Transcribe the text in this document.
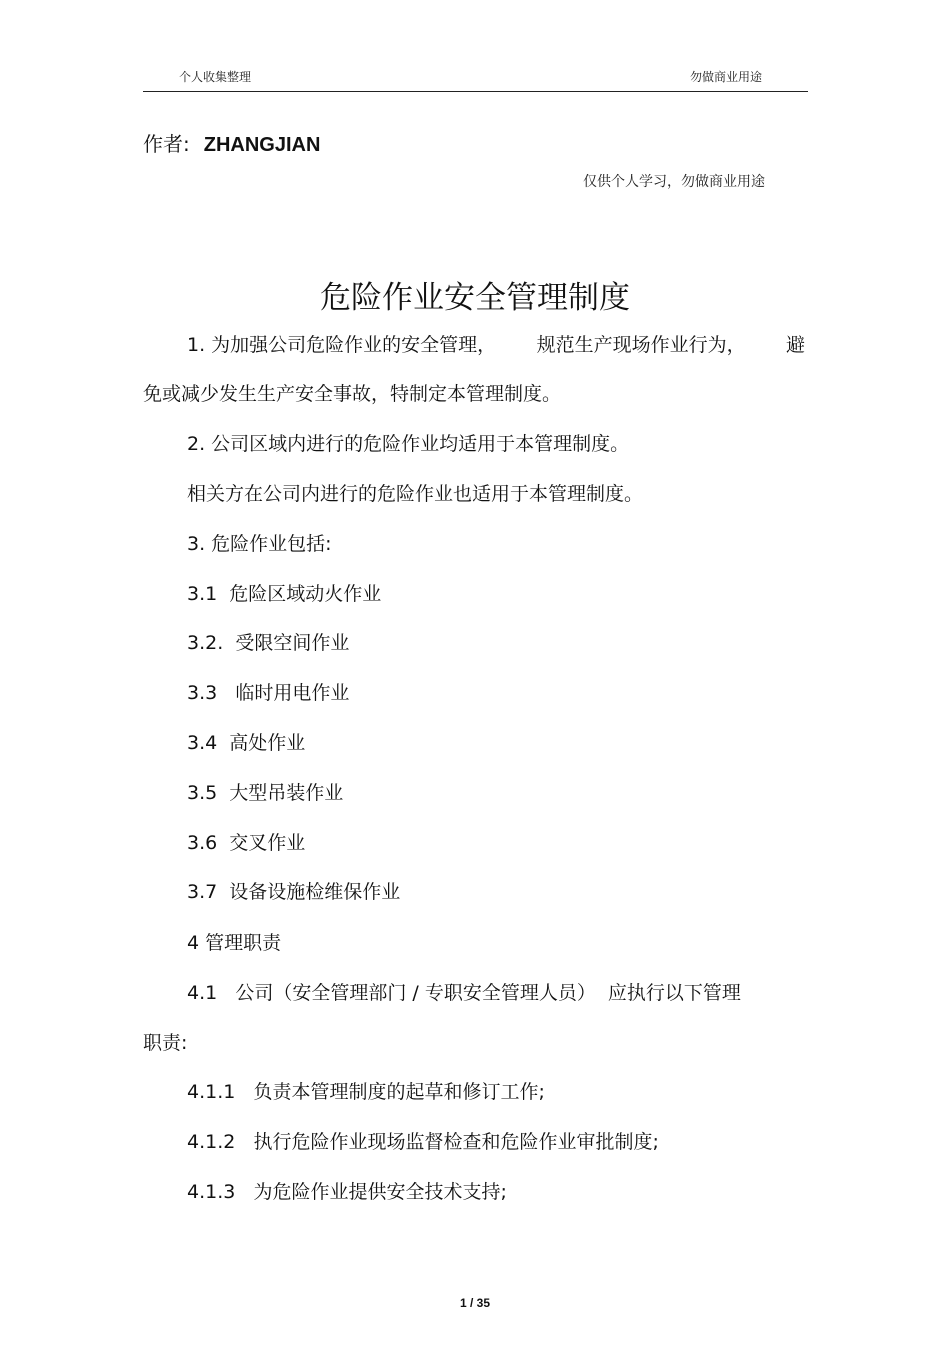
个人收集整理	勿做商业用途
作者: ZHANGJIAN
仅供个人学习，勿做商业用途
危险作业安全管理制度
1. 为加强公司危险作业的安全管理， 规范生产现场作业行为， 避
免或减少发生生产安全事故，特制定本管理制度。
2. 公司区域内进行的危险作业均适用于本管理制度。
相关方在公司内进行的危险作业也适用于本管理制度。
3. 危险作业包括:
3.1  危险区域动火作业
3.2.  受限空间作业
3.3   临时用电作业
3.4  高处作业
3.5  大型吊装作业
3.6  交叉作业
3.7  设备设施检维保作业
4 管理职责
4.1   公司（安全管理部门 / 专职安全管理人员）  应执行以下管理
职责:
4.1.1   负责本管理制度的起草和修订工作;
4.1.2   执行危险作业现场监督检查和危险作业审批制度;
4.1.3   为危险作业提供安全技术支持;
1 / 35
